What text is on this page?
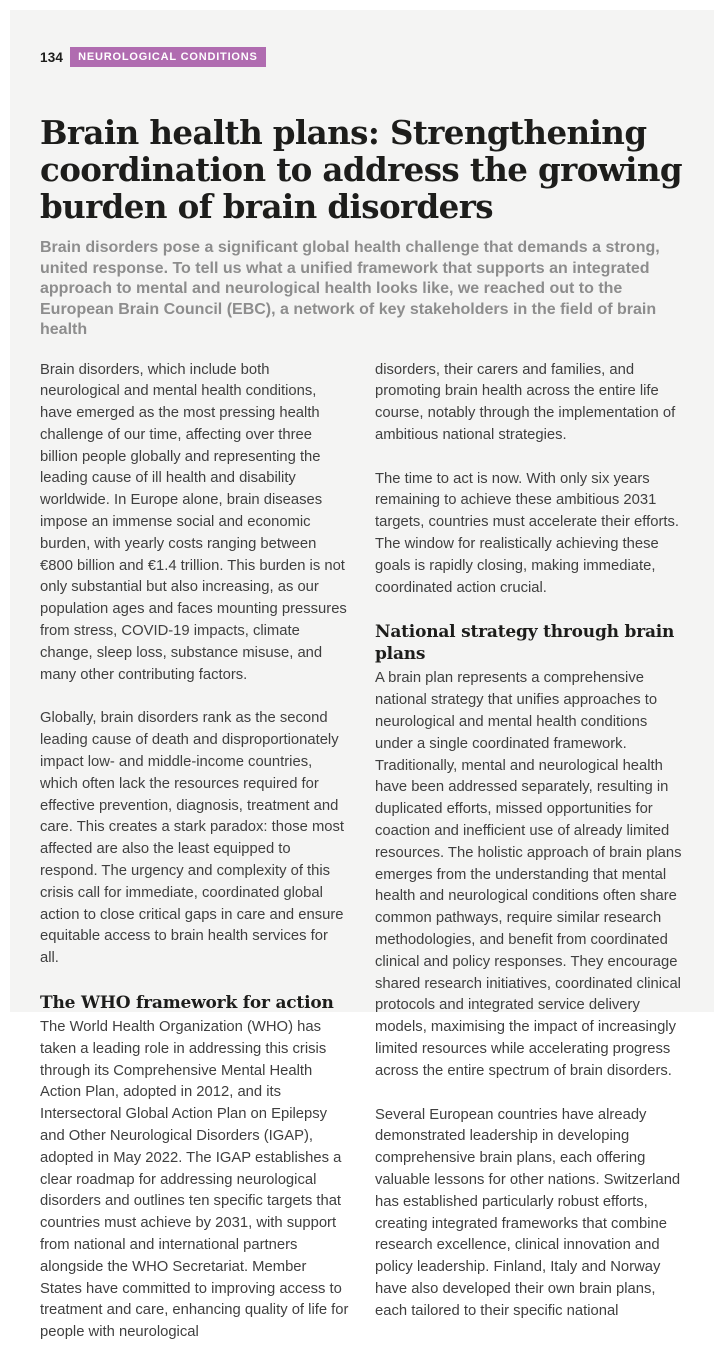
134	NEUROLOGICAL CONDITIONS
Brain health plans: Strengthening coordination to address the growing burden of brain disorders

Brain disorders pose a significant global health challenge that demands a strong, united response. To tell us what a unified framework that supports an integrated approach to mental and neurological health looks like, we reached out to the European Brain Council (EBC), a network of key stakeholders in the field of brain health

Brain disorders, which include both neurological and mental health conditions, have emerged as the most pressing health challenge of our time, affecting over three billion people globally and representing the leading cause of ill health and disability worldwide. In Europe alone, brain diseases impose an immense social and economic burden, with yearly costs ranging between €800 billion and €1.4 trillion. This burden is not only substantial but also increasing, as our population ages and faces mounting pressures from stress, COVID-19 impacts, climate change, sleep loss, substance misuse, and many other contributing factors.

Globally, brain disorders rank as the second leading cause of death and disproportionately impact low- and middle-income countries, which often lack the resources required for effective prevention, diagnosis, treatment and care. This creates a stark paradox: those most affected are also the least equipped to respond. The urgency and complexity of this crisis call for immediate, coordinated global action to close critical gaps in care and ensure equitable access to brain health services for all.

The WHO framework for action

The World Health Organization (WHO) has taken a leading role in addressing this crisis through its Comprehensive Mental Health Action Plan, adopted in 2012, and its Intersectoral Global Action Plan on Epilepsy and Other Neurological Disorders (IGAP), adopted in May 2022. The IGAP establishes a clear roadmap for addressing neurological disorders and outlines ten specific targets that countries must achieve by 2031, with support from national and international partners alongside the WHO Secretariat. Member States have committed to improving access to treatment and care, enhancing quality of life for people with neurological

disorders, their carers and families, and promoting brain health across the entire life course, notably through the implementation of ambitious national strategies.

The time to act is now. With only six years remaining to achieve these ambitious 2031 targets, countries must accelerate their efforts. The window for realistically achieving these goals is rapidly closing, making immediate, coordinated action crucial.

National strategy through brain plans

A brain plan represents a comprehensive national strategy that unifies approaches to neurological and mental health conditions under a single coordinated framework. Traditionally, mental and neurological health have been addressed separately, resulting in duplicated efforts, missed opportunities for coaction and inefficient use of already limited resources. The holistic approach of brain plans emerges from the understanding that mental health and neurological conditions often share common pathways, require similar research methodologies, and benefit from coordinated clinical and policy responses. They encourage shared research initiatives, coordinated clinical protocols and integrated service delivery models, maximising the impact of increasingly limited resources while accelerating progress across the entire spectrum of brain disorders.

Several European countries have already demonstrated leadership in developing comprehensive brain plans, each offering valuable lessons for other nations. Switzerland has established particularly robust efforts, creating integrated frameworks that combine research excellence, clinical innovation and policy leadership. Finland, Italy and Norway have also developed their own brain plans, each tailored to their specific national
